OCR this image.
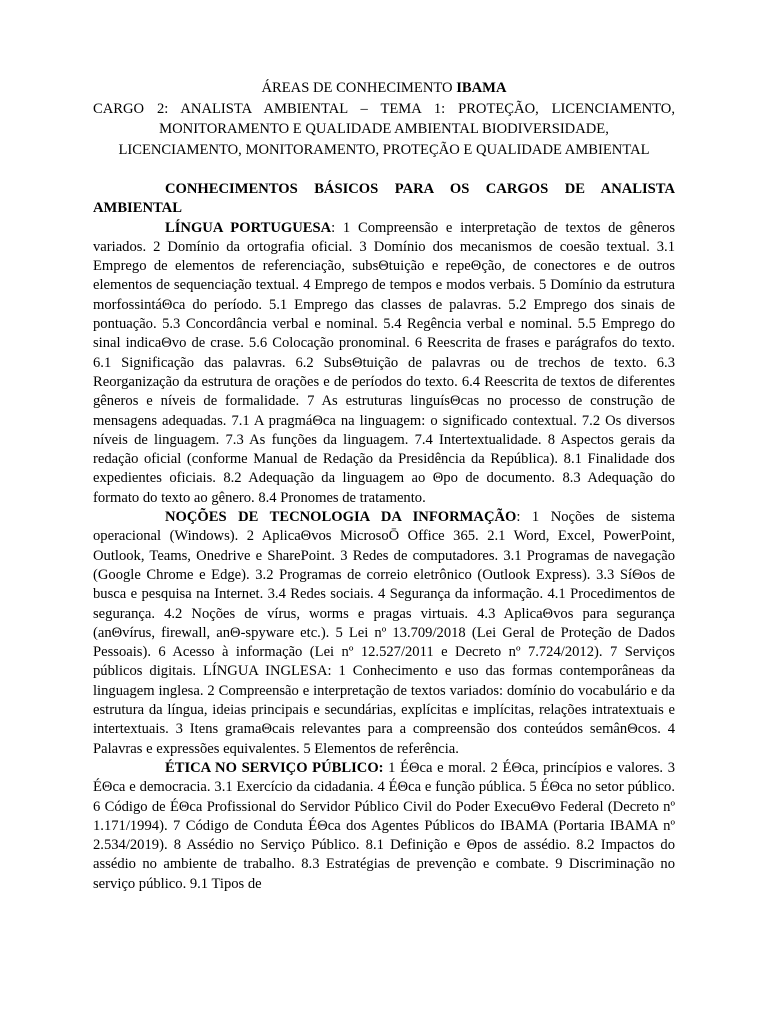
ÁREAS DE CONHECIMENTO IBAMA
CARGO 2: ANALISTA AMBIENTAL – TEMA 1: PROTEÇÃO, LICENCIAMENTO,
MONITORAMENTO E QUALIDADE AMBIENTAL BIODIVERSIDADE,
LICENCIAMENTO, MONITORAMENTO, PROTEÇÃO E QUALIDADE AMBIENTAL
CONHECIMENTOS BÁSICOS PARA OS CARGOS DE ANALISTA AMBIENTAL
LÍNGUA PORTUGUESA: 1 Compreensão e interpretação de textos de gêneros variados. 2 Domínio da ortografia oficial. 3 Domínio dos mecanismos de coesão textual. 3.1 Emprego de elementos de referenciação, subsΘtuição e repeΘção, de conectores e de outros elementos de sequenciação textual. 4 Emprego de tempos e modos verbais. 5 Domínio da estrutura morfossintáΘca do período. 5.1 Emprego das classes de palavras. 5.2 Emprego dos sinais de pontuação. 5.3 Concordância verbal e nominal. 5.4 Regência verbal e nominal. 5.5 Emprego do sinal indicaΘvo de crase. 5.6 Colocação pronominal. 6 Reescrita de frases e parágrafos do texto. 6.1 Significação das palavras. 6.2 SubsΘtuição de palavras ou de trechos de texto. 6.3 Reorganização da estrutura de orações e de períodos do texto. 6.4 Reescrita de textos de diferentes gêneros e níveis de formalidade. 7 As estruturas linguísΘcas no processo de construção de mensagens adequadas. 7.1 A pragmáΘca na linguagem: o significado contextual. 7.2 Os diversos níveis de linguagem. 7.3 As funções da linguagem. 7.4 Intertextualidade. 8 Aspectos gerais da redação oficial (conforme Manual de Redação da Presidência da República). 8.1 Finalidade dos expedientes oficiais. 8.2 Adequação da linguagem ao Θpo de documento. 8.3 Adequação do formato do texto ao gênero. 8.4 Pronomes de tratamento.
NOÇÕES DE TECNOLOGIA DA INFORMAÇÃO: 1 Noções de sistema operacional (Windows). 2 AplicaΘvos MicrosoŌ Office 365. 2.1 Word, Excel, PowerPoint, Outlook, Teams, Onedrive e SharePoint. 3 Redes de computadores. 3.1 Programas de navegação (Google Chrome e Edge). 3.2 Programas de correio eletrônico (Outlook Express). 3.3 SíΘos de busca e pesquisa na Internet. 3.4 Redes sociais. 4 Segurança da informação. 4.1 Procedimentos de segurança. 4.2 Noções de vírus, worms e pragas virtuais. 4.3 AplicaΘvos para segurança (anΘvírus, firewall, anΘ-spyware etc.). 5 Lei nº 13.709/2018 (Lei Geral de Proteção de Dados Pessoais). 6 Acesso à informação (Lei nº 12.527/2011 e Decreto nº 7.724/2012). 7 Serviços públicos digitais. LÍNGUA INGLESA: 1 Conhecimento e uso das formas contemporâneas da linguagem inglesa. 2 Compreensão e interpretação de textos variados: domínio do vocabulário e da estrutura da língua, ideias principais e secundárias, explícitas e implícitas, relações intratextuais e intertextuais. 3 Itens gramaΘcais relevantes para a compreensão dos conteúdos semânΘcos. 4 Palavras e expressões equivalentes. 5 Elementos de referência.
ÉTICA NO SERVIÇO PÚBLICO: 1 ÉΘca e moral. 2 ÉΘca, princípios e valores. 3 ÉΘca e democracia. 3.1 Exercício da cidadania. 4 ÉΘca e função pública. 5 ÉΘca no setor público. 6 Código de ÉΘca Profissional do Servidor Público Civil do Poder ExecuΘvo Federal (Decreto nº 1.171/1994). 7 Código de Conduta ÉΘca dos Agentes Públicos do IBAMA (Portaria IBAMA nº 2.534/2019). 8 Assédio no Serviço Público. 8.1 Definição e Θpos de assédio. 8.2 Impactos do assédio no ambiente de trabalho. 8.3 Estratégias de prevenção e combate. 9 Discriminação no serviço público. 9.1 Tipos de
